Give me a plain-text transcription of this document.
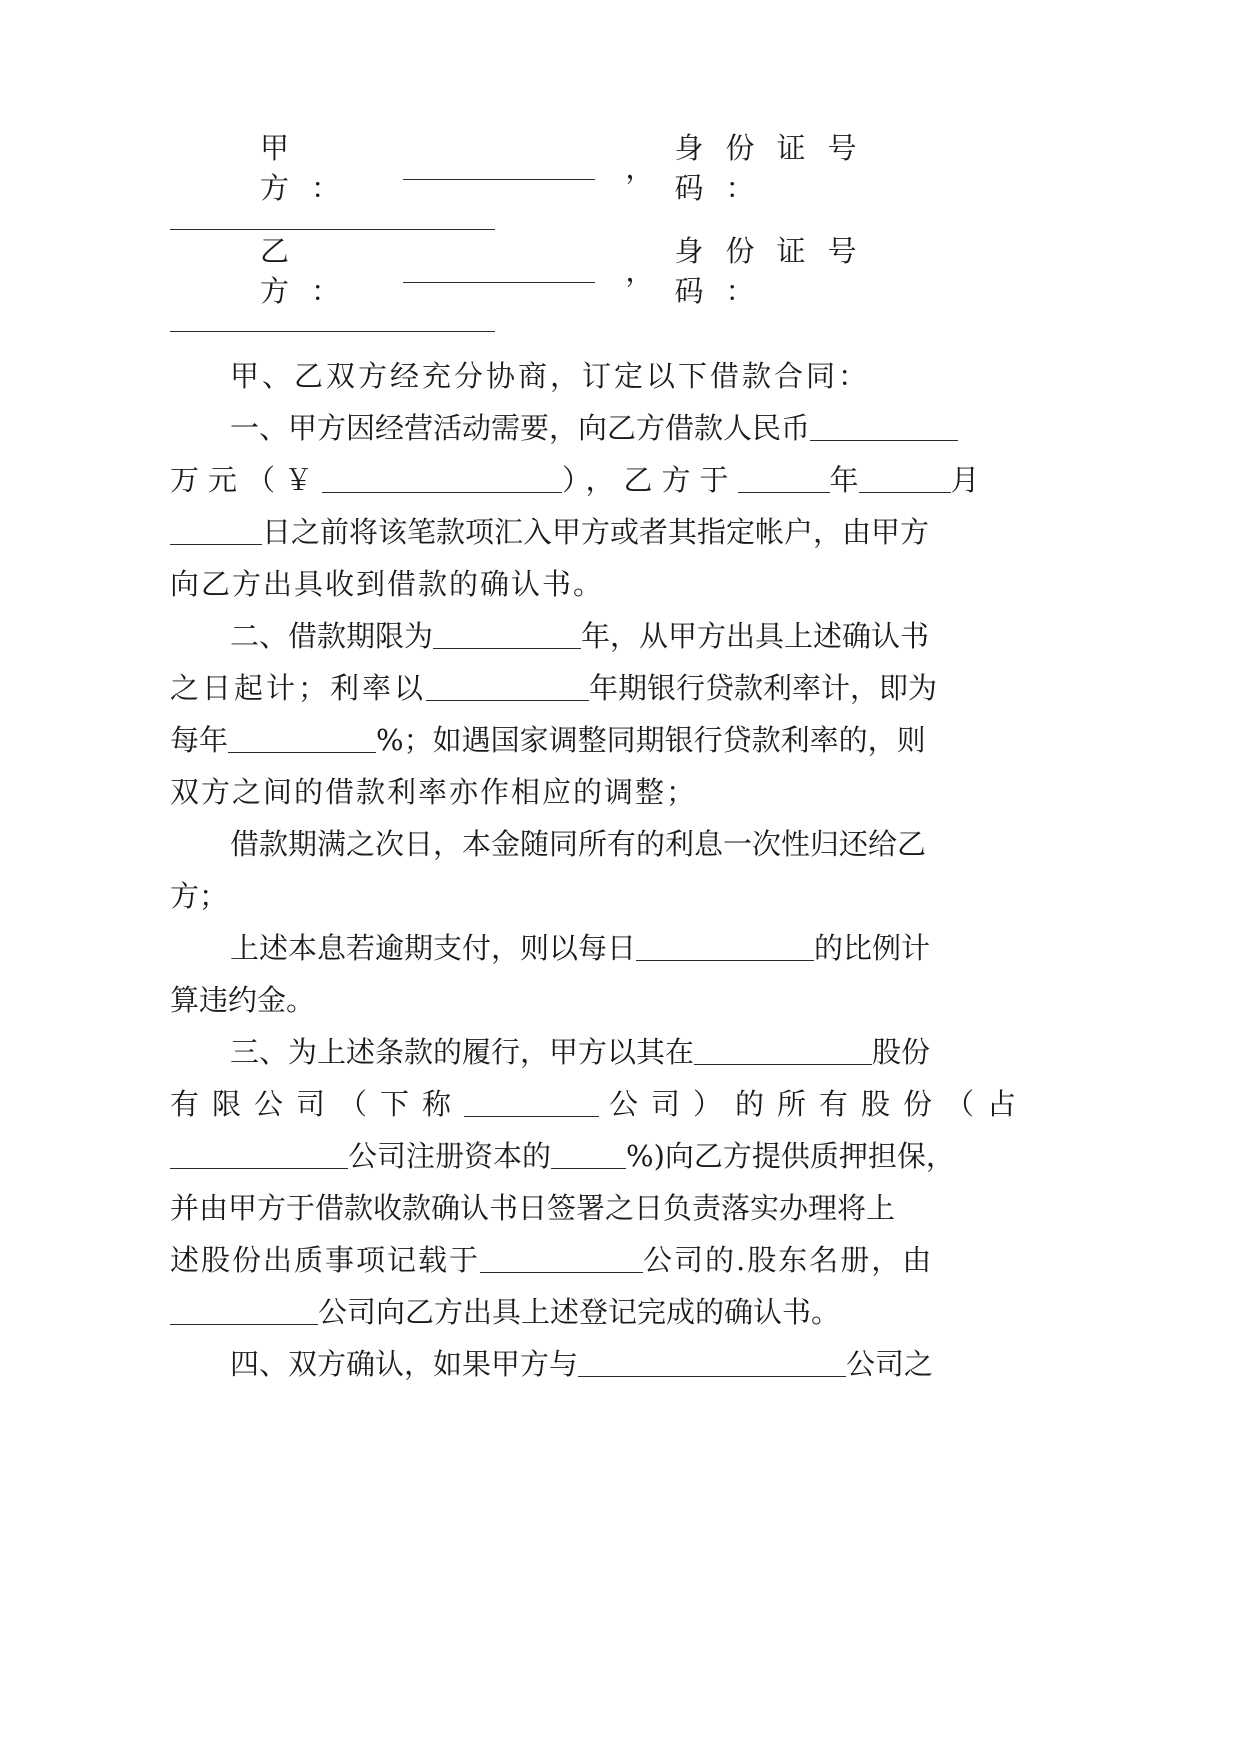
甲方：
，
身份证号码：
乙方：
，
身份证号码：
甲、乙双方经充分协商，订定以下借款合同：
一、甲方因经营活动需要，向乙方借款人民币
万元（￥	），乙方于	年	月
日之前将该笔款项汇入甲方或者其指定帐户，由甲方
向乙方出具收到借款的确认书。
二、借款期限为	年，从甲方出具上述确认书
之日起计；利率以	年期银行贷款利率计，即为
每年	%；如遇国家调整同期银行贷款利率的，则
双方之间的借款利率亦作相应的调整；
借款期满之次日，本金随同所有的利息一次性归还给乙
方；
上述本息若逾期支付，则以每日	的比例计
算违约金。
三、为上述条款的履行，甲方以其在	股份
有限公司（下称	公司）的所有股份（占
公司注册资本的	%)向乙方提供质押担保，
并由甲方于借款收款确认书日签署之日负责落实办理将上
述股份出质事项记载于	公司的.股东名册，由
公司向乙方出具上述登记完成的确认书。
四、双方确认，如果甲方与	公司之
